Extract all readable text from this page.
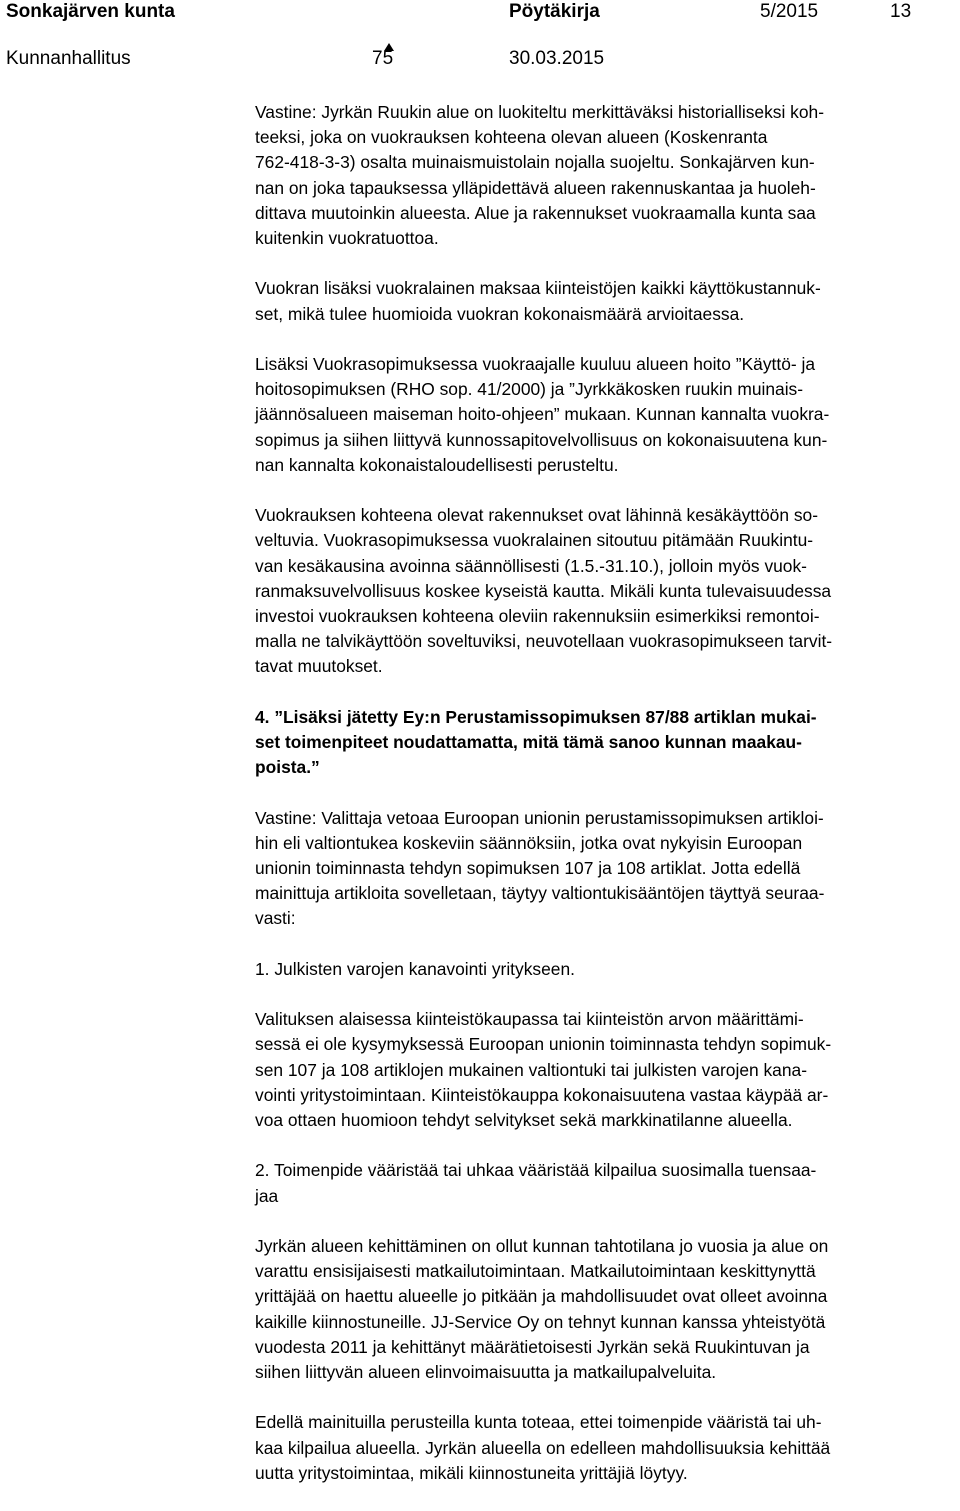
Sonkajärven kunta	Pöytäkirja	5/2015	13
Kunnanhallitus	75	30.03.2015

Vastine: Jyrkän Ruukin alue on luokiteltu merkittäväksi historialliseksi koh-
teeksi, joka on vuokrauksen kohteena olevan alueen (Koskenranta
762-418-3-3) osalta muinaismuistolain nojalla suojeltu. Sonkajärven kun-
nan on joka tapauksessa ylläpidettävä alueen rakennuskantaa ja huoleh-
dittava muutoinkin alueesta. Alue ja rakennukset vuokraamalla kunta saa
kuitenkin vuokratuottoa.

Vuokran lisäksi vuokralainen maksaa kiinteistöjen kaikki käyttökustannuk-
set, mikä tulee huomioida vuokran kokonaismäärä arvioitaessa.

Lisäksi Vuokrasopimuksessa vuokraajalle kuuluu alueen hoito ”Käyttö- ja
hoitosopimuksen (RHO sop. 41/2000) ja ”Jyrkkäkosken ruukin muinais-
jäännösalueen maiseman hoito-ohjeen” mukaan. Kunnan kannalta vuokra-
sopimus ja siihen liittyvä kunnossapitovelvollisuus on kokonaisuutena kun-
nan kannalta kokonaistaloudellisesti perusteltu.

Vuokrauksen kohteena olevat rakennukset ovat lähinnä kesäkäyttöön so-
veltuvia. Vuokrasopimuksessa vuokralainen sitoutuu pitämään Ruukintu-
van kesäkausina avoinna säännöllisesti (1.5.-31.10.), jolloin myös vuok-
ranmaksuvelvollisuus koskee kyseistä kautta. Mikäli kunta tulevaisuudessa
investoi vuokrauksen kohteena oleviin rakennuksiin esimerkiksi remontoi-
malla ne talvikäyttöön soveltuviksi, neuvotellaan vuokrasopimukseen tarvit-
tavat muutokset.

4. ”Lisäksi jätetty Ey:n Perustamissopimuksen 87/88 artiklan mukai-
set toimenpiteet noudattamatta, mitä tämä sanoo kunnan maakau-
poista.”

Vastine: Valittaja vetoaa Euroopan unionin perustamissopimuksen artikloi-
hin eli valtiontukea koskeviin säännöksiin, jotka ovat nykyisin Euroopan
unionin toiminnasta tehdyn sopimuksen 107 ja 108 artiklat. Jotta edellä
mainittuja artikloita sovelletaan, täytyy valtiontukisääntöjen täyttyä seuraa-
vasti:

1. Julkisten varojen kanavointi yritykseen.

Valituksen alaisessa kiinteistökaupassa tai kiinteistön arvon määrittämi-
sessä ei ole kysymyksessä Euroopan unionin toiminnasta tehdyn sopimuk-
sen 107 ja 108 artiklojen mukainen valtiontuki tai julkisten varojen kana-
vointi yritystoimintaan. Kiinteistökauppa kokonaisuutena vastaa käypää ar-
voa ottaen huomioon tehdyt selvitykset sekä markkinatilanne alueella.

2. Toimenpide vääristää tai uhkaa vääristää kilpailua suosimalla tuensaa-
jaa

Jyrkän alueen kehittäminen on ollut kunnan tahtotilana jo vuosia ja alue on
varattu ensisijaisesti matkailutoimintaan. Matkailutoimintaan keskittynyttä
yrittäjää on haettu alueelle jo pitkään ja mahdollisuudet ovat olleet avoinna
kaikille kiinnostuneille. JJ-Service Oy on tehnyt kunnan kanssa yhteistyötä
vuodesta 2011 ja kehittänyt määrätietoisesti Jyrkän sekä Ruukintuvan ja
siihen liittyvän alueen elinvoimaisuutta ja matkailupalveluita.

Edellä mainituilla perusteilla kunta toteaa, ettei toimenpide vääristä tai uh-
kaa kilpailua alueella. Jyrkän alueella on edelleen mahdollisuuksia kehittää
uutta yritystoimintaa, mikäli kiinnostuneita yrittäjiä löytyy.
